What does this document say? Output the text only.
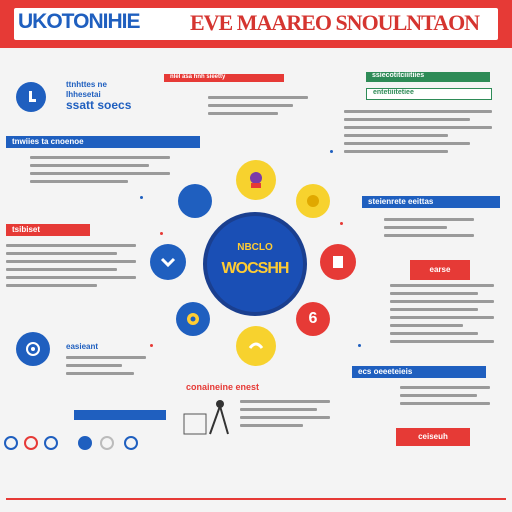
UKOTONIHIE EVE MAAREO SNOULNTAON
ttnhttes ne
Ihhesetai
ssatt soecs
tnwiies ta cnoenoe
nlel asa hnh sieetty	ssiecotitciiitiies
entetiiitetiee
tsibiset
steienrete eeittas
earse
6
NBCLO
WOCSHH
easieant
conaineine enest
ecs oeeeteieis
ceiseuh
